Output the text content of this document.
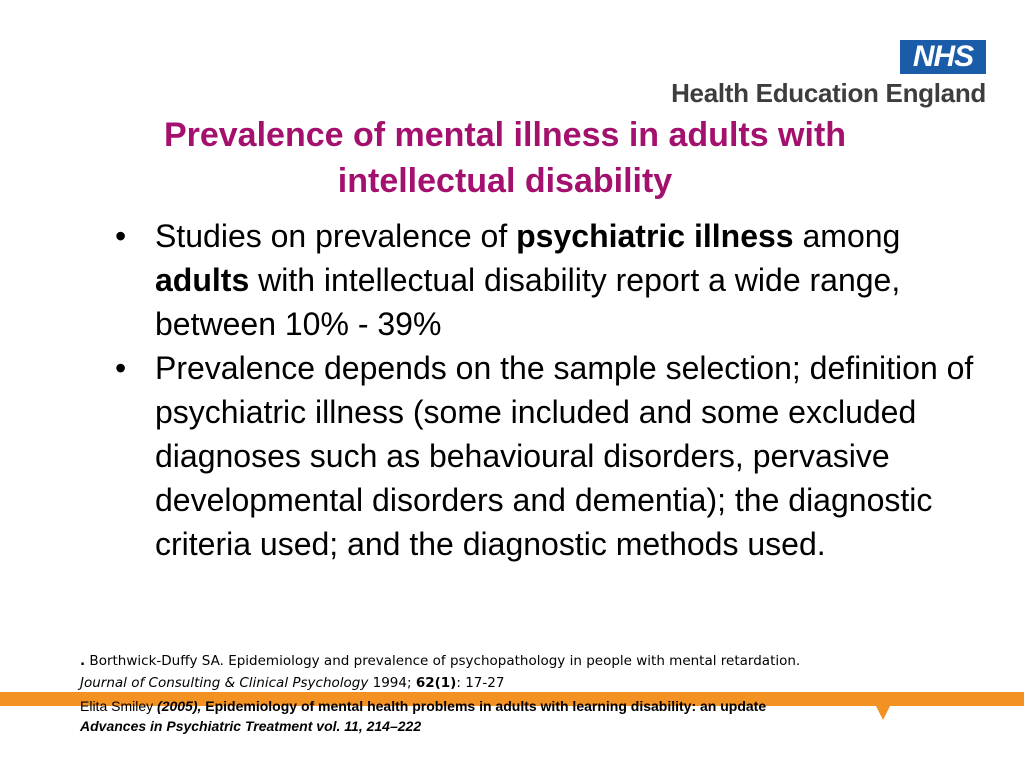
NHS
Health Education England
Prevalence of mental illness in adults with intellectual disability
• Studies on prevalence of psychiatric illness among adults with intellectual disability report a wide range, between 10% - 39%
• Prevalence depends on the sample selection; definition of psychiatric illness (some included and some excluded diagnoses such as behavioural disorders, pervasive developmental disorders and dementia); the diagnostic criteria used; and the diagnostic methods used.
. Borthwick-Duffy SA. Epidemiology and prevalence of psychopathology in people with mental retardation.
Journal of Consulting & Clinical Psychology 1994; 62(1): 17-27
Elita Smiley (2005), Epidemiology of mental health problems in adults with learning disability: an update
Advances in Psychiatric Treatment vol. 11, 214–222
